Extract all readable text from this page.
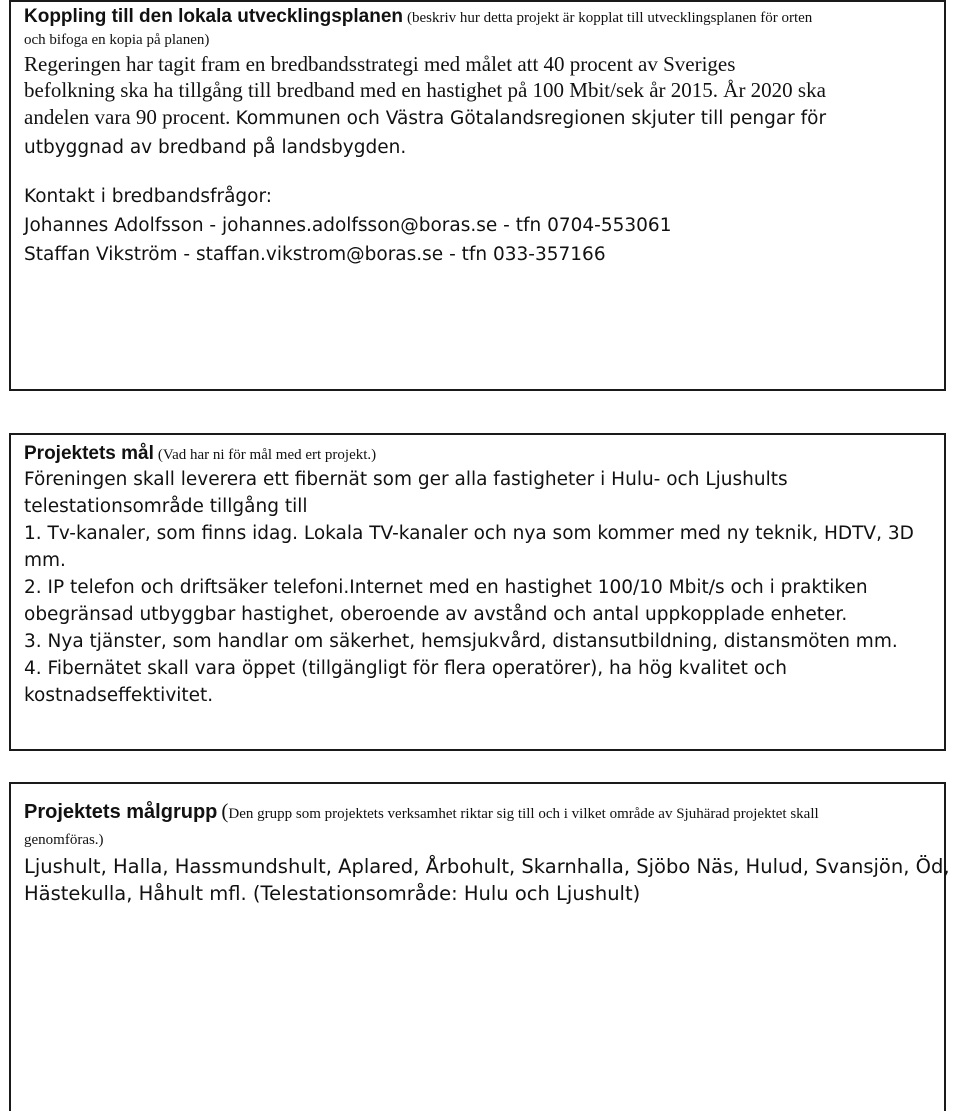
Koppling till den lokala utvecklingsplanen (beskriv hur detta projekt är kopplat till utvecklingsplanen för orten
och bifoga en kopia på planen)
Regeringen har tagit fram en bredbandsstrategi med målet att 40 procent av Sveriges
befolkning ska ha tillgång till bredband med en hastighet på 100 Mbit/sek år 2015. År 2020 ska
andelen vara 90 procent. Kommunen och Västra Götalandsregionen skjuter till pengar för
utbyggnad av bredband på landsbygden.
Kontakt i bredbandsfrågor:
Johannes Adolfsson - johannes.adolfsson@boras.se - tfn 0704-553061
Staffan Vikström - staffan.vikstrom@boras.se - tfn 033-357166
Projektets mål (Vad har ni för mål med ert projekt.)
Föreningen skall leverera ett fibernät som ger alla fastigheter i Hulu- och Ljushults
telestationsområde tillgång till
1. Tv-kanaler, som finns idag. Lokala TV-kanaler och nya som kommer med ny teknik, HDTV, 3D
mm.
2. IP telefon och driftsäker telefoni.Internet med en hastighet 100/10 Mbit/s och i praktiken
obegränsad utbyggbar hastighet, oberoende av avstånd och antal uppkopplade enheter.
3. Nya tjänster, som handlar om säkerhet, hemsjukvård, distansutbildning, distansmöten mm.
4. Fibernätet skall vara öppet (tillgängligt för flera operatörer), ha hög kvalitet och
kostnadseffektivitet.
Projektets målgrupp (Den grupp som projektets verksamhet riktar sig till och i vilket område av Sjuhärad projektet skall
genomföras.)
Ljushult, Halla, Hassmundshult, Aplared, Årbohult, Skarnhalla, Sjöbo Näs, Hulud, Svansjön, Öd,
Hästekulla, Håhult mfl. (Telestationsområde: Hulu och Ljushult)
